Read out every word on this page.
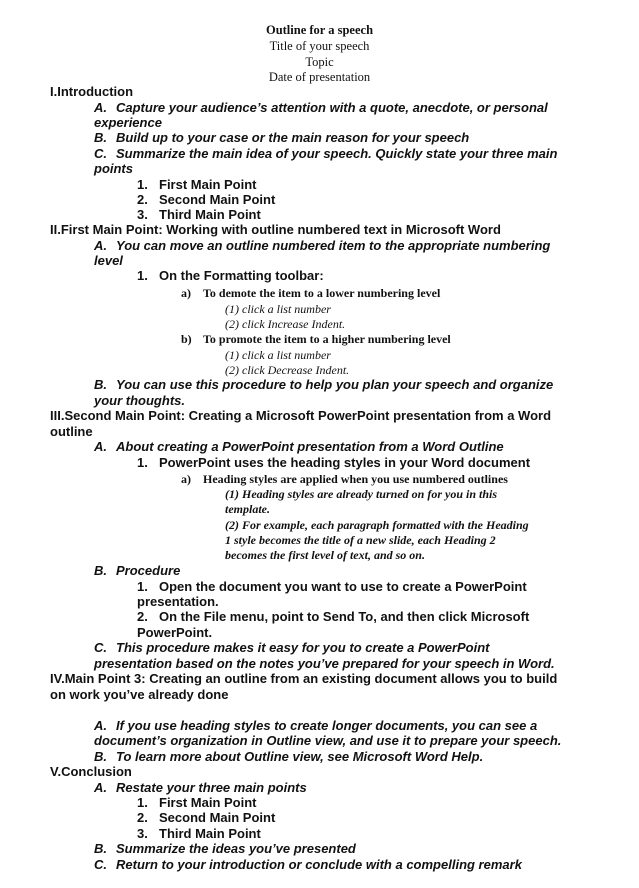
Outline for a speech
Title of your speech
Topic
Date of presentation
I.Introduction
A. Capture your audience’s attention with a quote, anecdote, or personal
experience
B. Build up to your case or the main reason for your speech
C. Summarize the main idea of your speech. Quickly state your three main
points
1. First Main Point
2. Second Main Point
3. Third Main Point
II.First Main Point: Working with outline numbered text in Microsoft Word
A. You can move an outline numbered item to the appropriate numbering
level
1. On the Formatting toolbar:
a) To demote the item to a lower numbering level
(1) click a list number
(2) click Increase Indent.
b) To promote the item to a higher numbering level
(1) click a list number
(2) click Decrease Indent.
B. You can use this procedure to help you plan your speech and organize
your thoughts.
III.Second Main Point: Creating a Microsoft PowerPoint presentation from a Word
outline
A. About creating a PowerPoint presentation from a Word Outline
1. PowerPoint uses the heading styles in your Word document
a) Heading styles are applied when you use numbered outlines
(1) Heading styles are already turned on for you in this
template.
(2) For example, each paragraph formatted with the Heading
1 style becomes the title of a new slide, each Heading 2
becomes the first level of text, and so on.
B. Procedure
1. Open the document you want to use to create a PowerPoint
presentation.
2. On the File menu, point to Send To, and then click Microsoft
PowerPoint.
C. This procedure makes it easy for you to create a PowerPoint
presentation based on the notes you’ve prepared for your speech in Word.
IV.Main Point 3: Creating an outline from an existing document allows you to build
on work you’ve already done
A. If you use heading styles to create longer documents, you can see a
document’s organization in Outline view, and use it to prepare your speech.
B. To learn more about Outline view, see Microsoft Word Help.
V.Conclusion
A. Restate your three main points
1. First Main Point
2. Second Main Point
3. Third Main Point
B. Summarize the ideas you’ve presented
C. Return to your introduction or conclude with a compelling remark
